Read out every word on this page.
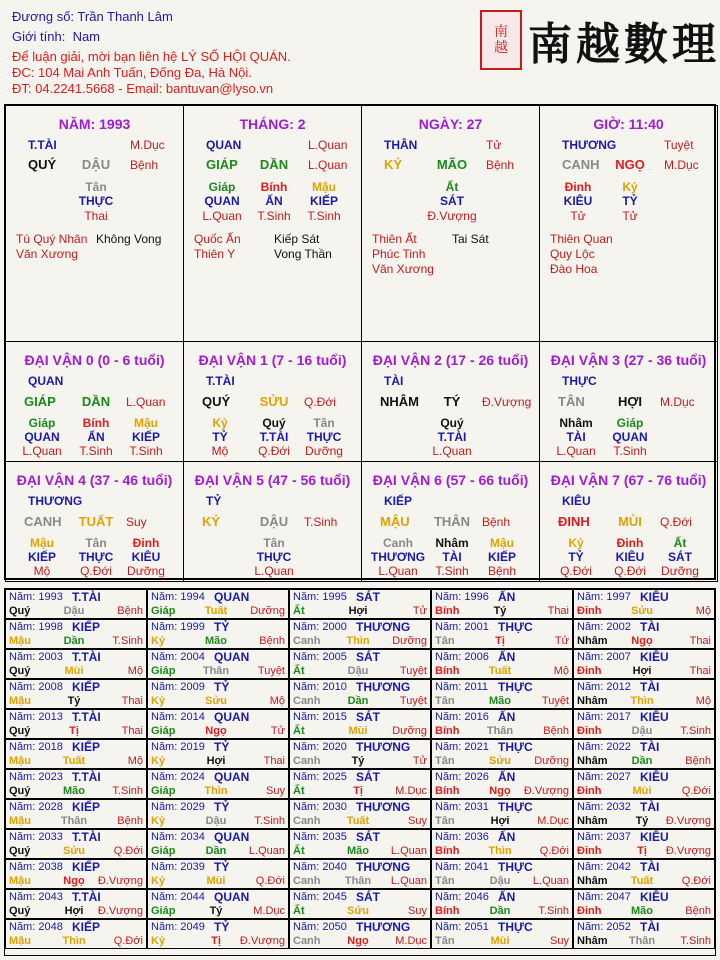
Đương số: Trần Thanh Lâm
Giới tính: Nam
Để luận giải, mời bạn liên hệ LÝ SỐ HỘI QUÁN.
ĐC: 104 Mai Anh Tuấn, Đống Đa, Hà Nội.
ĐT: 04.2241.5668 - Email: bantuvan@lyso.vn
南
越 南越數理
NĂM: 1993
T.TÀI	M.Dục
QUÝ DẬU Bệnh
Tân
THỰC
Thai
Tú Quý Nhân
Văn Xương
Không Vong
THÁNG: 2
QUAN	L.Quan
GIÁP DẦN L.Quan
Giáp
QUAN
L.Quan
Bính
ẤN
T.Sinh
Mậu
KIẾP
T.Sinh
Quốc Ấn
Thiên Y
Kiếp Sát
Vong Thần
NGÀY: 27
THÂN	Tử
KỶ	MÃO Bệnh
Ất
SÁT
Đ.Vượng
Thiên Ất
Phúc Tinh
Văn Xương
Tai Sát
GIỜ: 11:40
THƯƠNG	Tuyệt
CANH NGỌ M.Dục
Đinh
KIÊU
Tử
Kỷ
TỶ
Tử
Thiên Quan
Quy Lộc
Đào Hoa
ĐẠI VẬN 0 (0 - 6 tuổi)
QUAN
GIÁP DẦN L.Quan
Giáp
QUAN
L.Quan
Bính
ẤN
T.Sinh
Mậu
KIẾP
T.Sinh
ĐẠI VẬN 1 (7 - 16 tuổi)
T.TÀI
QUÝ SỬU Q.Đới
Kỷ
TỶ
Mộ
Quý
T.TÀI
Q.Đới
Tân
THỰC
Dưỡng
ĐẠI VẬN 2 (17 - 26 tuổi)
TÀI
NHÂM TÝ Đ.Vượng
Quý
T.TÀI
L.Quan
ĐẠI VẬN 3 (27 - 36 tuổi)
THỰC
TÂN	HỢI M.Dục
Nhâm
TÀI
L.Quan
Giáp
QUAN
T.Sinh
ĐẠI VẬN 4 (37 - 46 tuổi)
THƯƠNG
CANH TUẤT Suy
Mậu
KIẾP
Mộ
Tân
THỰC
Q.Đới
Đinh
KIÊU
Dưỡng
ĐẠI VẬN 5 (47 - 56 tuổi)
TỶ
KỶ	DẬU T.Sinh
Tân
THỰC
L.Quan
ĐẠI VẬN 6 (57 - 66 tuổi)
KIẾP
MẬU THÂN Bệnh
Canh
THƯƠNG
L.Quan
Nhâm
TÀI
T.Sinh
Mậu
KIẾP
Bệnh
ĐẠI VẬN 7 (67 - 76 tuổi)
KIÊU
ĐINH MÙI Q.Đới
Kỷ
TỶ
Q.Đới
Đinh
KIÊU
Q.Đới
Ất
SÁT
Dưỡng
Năm: 1993 T.TÀI
Quý	Dậu	Bệnh
Năm: 1994 QUAN
Giáp	Tuất	Dưỡng
Năm: 1995 SÁT
Ất	Hợi	Tử
Năm: 1996 ẤN
Bính	Tý	Thai
Năm: 1997 KIÊU
Đinh	Sửu	Mộ
Năm: 1998 KIẾP
Mậu	Dần	T.Sinh
Năm: 1999 TỶ
Kỷ	Mão	Bệnh
Năm: 2000 THƯƠNG
Canh	Thìn	Dưỡng
Năm: 2001 THỰC
Tân	Tị	Tử
Năm: 2002 TÀI
Nhâm	Ngọ	Thai
Năm: 2003 T.TÀI
Quý	Mùi	Mộ
Năm: 2004 QUAN
Giáp	Thân	Tuyệt
Năm: 2005 SÁT
Ất	Dậu	Tuyệt
Năm: 2006 ẤN
Bính	Tuất	Mộ
Năm: 2007 KIÊU
Đinh	Hợi	Thai
Năm: 2008 KIẾP
Mậu	Tý	Thai
Năm: 2009 TỶ
Kỷ	Sửu	Mộ
Năm: 2010 THƯƠNG
Canh	Dần	Tuyệt
Năm: 2011 THỰC
Tân	Mão	Tuyệt
Năm: 2012 TÀI
Nhâm	Thìn	Mộ
Năm: 2013 T.TÀI
Quý	Tị	Thai
Năm: 2014 QUAN
Giáp	Ngọ	Tử
Năm: 2015 SÁT
Ất	Mùi	Dưỡng
Năm: 2016 ẤN
Bính	Thân	Bệnh
Năm: 2017 KIÊU
Đinh	Dậu	T.Sinh
Năm: 2018 KIẾP
Mậu	Tuất	Mộ
Năm: 2019 TỶ
Kỷ	Hợi	Thai
Năm: 2020 THƯƠNG
Canh	Tý	Tử
Năm: 2021 THỰC
Tân	Sửu	Dưỡng
Năm: 2022 TÀI
Nhâm	Dần	Bệnh
Năm: 2023 T.TÀI
Quý	Mão	T.Sinh
Năm: 2024 QUAN
Giáp	Thìn	Suy
Năm: 2025 SÁT
Ất	Tị	M.Dục
Năm: 2026 ẤN
Bính	Ngọ	Đ.Vượng
Năm: 2027 KIÊU
Đinh	Mùi	Q.Đới
Năm: 2028 KIẾP
Mậu	Thân	Bệnh
Năm: 2029 TỶ
Kỷ	Dậu	T.Sinh
Năm: 2030 THƯƠNG
Canh	Tuất	Suy
Năm: 2031 THỰC
Tân	Hợi	M.Dục
Năm: 2032 TÀI
Nhâm	Tý	Đ.Vượng
Năm: 2033 T.TÀI
Quý	Sửu	Q.Đới
Năm: 2034 QUAN
Giáp	Dần	L.Quan
Năm: 2035 SÁT
Ất	Mão	L.Quan
Năm: 2036 ẤN
Bính	Thìn	Q.Đới
Năm: 2037 KIÊU
Đinh	Tị	Đ.Vượng
Năm: 2038 KIẾP
Mậu	Ngọ	Đ.Vượng
Năm: 2039 TỶ
Kỷ	Mùi	Q.Đới
Năm: 2040 THƯƠNG
Canh	Thân	L.Quan
Năm: 2041 THỰC
Tân	Dậu	L.Quan
Năm: 2042 TÀI
Nhâm	Tuất	Q.Đới
Năm: 2043 T.TÀI
Quý	Hợi	Đ.Vượng
Năm: 2044 QUAN
Giáp	Tý	M.Dục
Năm: 2045 SÁT
Ất	Sửu	Suy
Năm: 2046 ẤN
Bính	Dần	T.Sinh
Năm: 2047 KIÊU
Đinh	Mão	Bệnh
Năm: 2048 KIẾP
Mậu	Thìn	Q.Đới
Năm: 2049 TỶ
Kỷ	Tị	Đ.Vượng
Năm: 2050 THƯƠNG
Canh	Ngọ	M.Dục
Năm: 2051 THỰC
Tân	Mùi	Suy
Năm: 2052 TÀI
Nhâm	Thân	T.Sinh
